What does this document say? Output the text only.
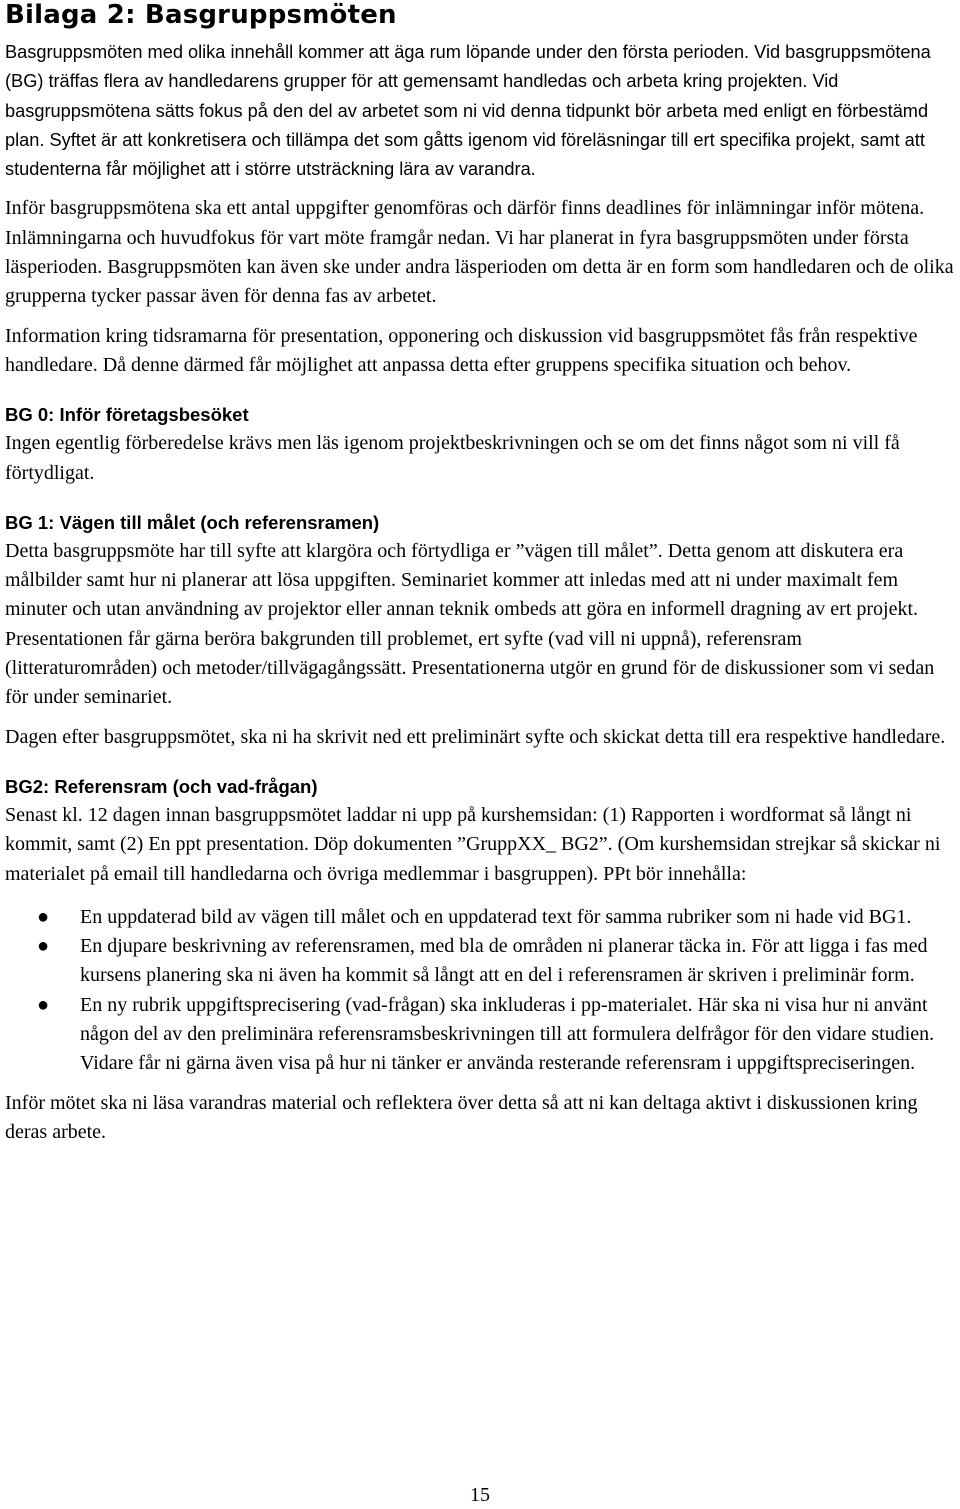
Bilaga 2: Basgruppsmöten

Basgruppsmöten med olika innehåll kommer att äga rum löpande under den första perioden. Vid basgruppsmötena (BG) träffas flera av handledarens grupper för att gemensamt handledas och arbeta kring projekten. Vid basgruppsmötena sätts fokus på den del av arbetet som ni vid denna tidpunkt bör arbeta med enligt en förbestämd plan. Syftet är att konkretisera och tillämpa det som gåtts igenom vid föreläsningar till ert specifika projekt, samt att studenterna får möjlighet att i större utsträckning lära av varandra.

Inför basgruppsmötena ska ett antal uppgifter genomföras och därför finns deadlines för inlämningar inför mötena. Inlämningarna och huvudfokus för vart möte framgår nedan. Vi har planerat in fyra basgruppsmöten under första läsperioden. Basgruppsmöten kan även ske under andra läsperioden om detta är en form som handledaren och de olika grupperna tycker passar även för denna fas av arbetet.

Information kring tidsramarna för presentation, opponering och diskussion vid basgruppsmötet fås från respektive handledare. Då denne därmed får möjlighet att anpassa detta efter gruppens specifika situation och behov.

BG 0: Inför företagsbesöket

Ingen egentlig förberedelse krävs men läs igenom projektbeskrivningen och se om det finns något som ni vill få förtydligat.

BG 1: Vägen till målet (och referensramen)

Detta basgruppsmöte har till syfte att klargöra och förtydliga er ”vägen till målet”. Detta genom att diskutera era målbilder samt hur ni planerar att lösa uppgiften. Seminariet kommer att inledas med att ni under maximalt fem minuter och utan användning av projektor eller annan teknik ombeds att göra en informell dragning av ert projekt. Presentationen får gärna beröra bakgrunden till problemet, ert syfte (vad vill ni uppnå), referensram (litteraturområden) och metoder/tillvägagångssätt. Presentationerna utgör en grund för de diskussioner som vi sedan för under seminariet.

Dagen efter basgruppsmötet, ska ni ha skrivit ned ett preliminärt syfte och skickat detta till era respektive handledare.

BG2: Referensram (och vad-frågan)

Senast kl. 12 dagen innan basgruppsmötet laddar ni upp på kurshemsidan: (1) Rapporten i wordformat så långt ni kommit, samt (2) En ppt presentation. Döp dokumenten ”GruppXX_ BG2”. (Om kurshemsidan strejkar så skickar ni materialet på email till handledarna och övriga medlemmar i basgruppen). PPt bör innehålla:

● En uppdaterad bild av vägen till målet och en uppdaterad text för samma rubriker som ni hade vid BG1.
● En djupare beskrivning av referensramen, med bla de områden ni planerar täcka in. För att ligga i fas med kursens planering ska ni även ha kommit så långt att en del i referensramen är skriven i preliminär form.
● En ny rubrik uppgiftsprecisering (vad-frågan) ska inkluderas i pp-materialet. Här ska ni visa hur ni använt någon del av den preliminära referensramsbeskrivningen till att formulera delfrågor för den vidare studien. Vidare får ni gärna även visa på hur ni tänker er använda resterande referensram i uppgiftspreciseringen.

Inför mötet ska ni läsa varandras material och reflektera över detta så att ni kan deltaga aktivt i diskussionen kring deras arbete.

15
